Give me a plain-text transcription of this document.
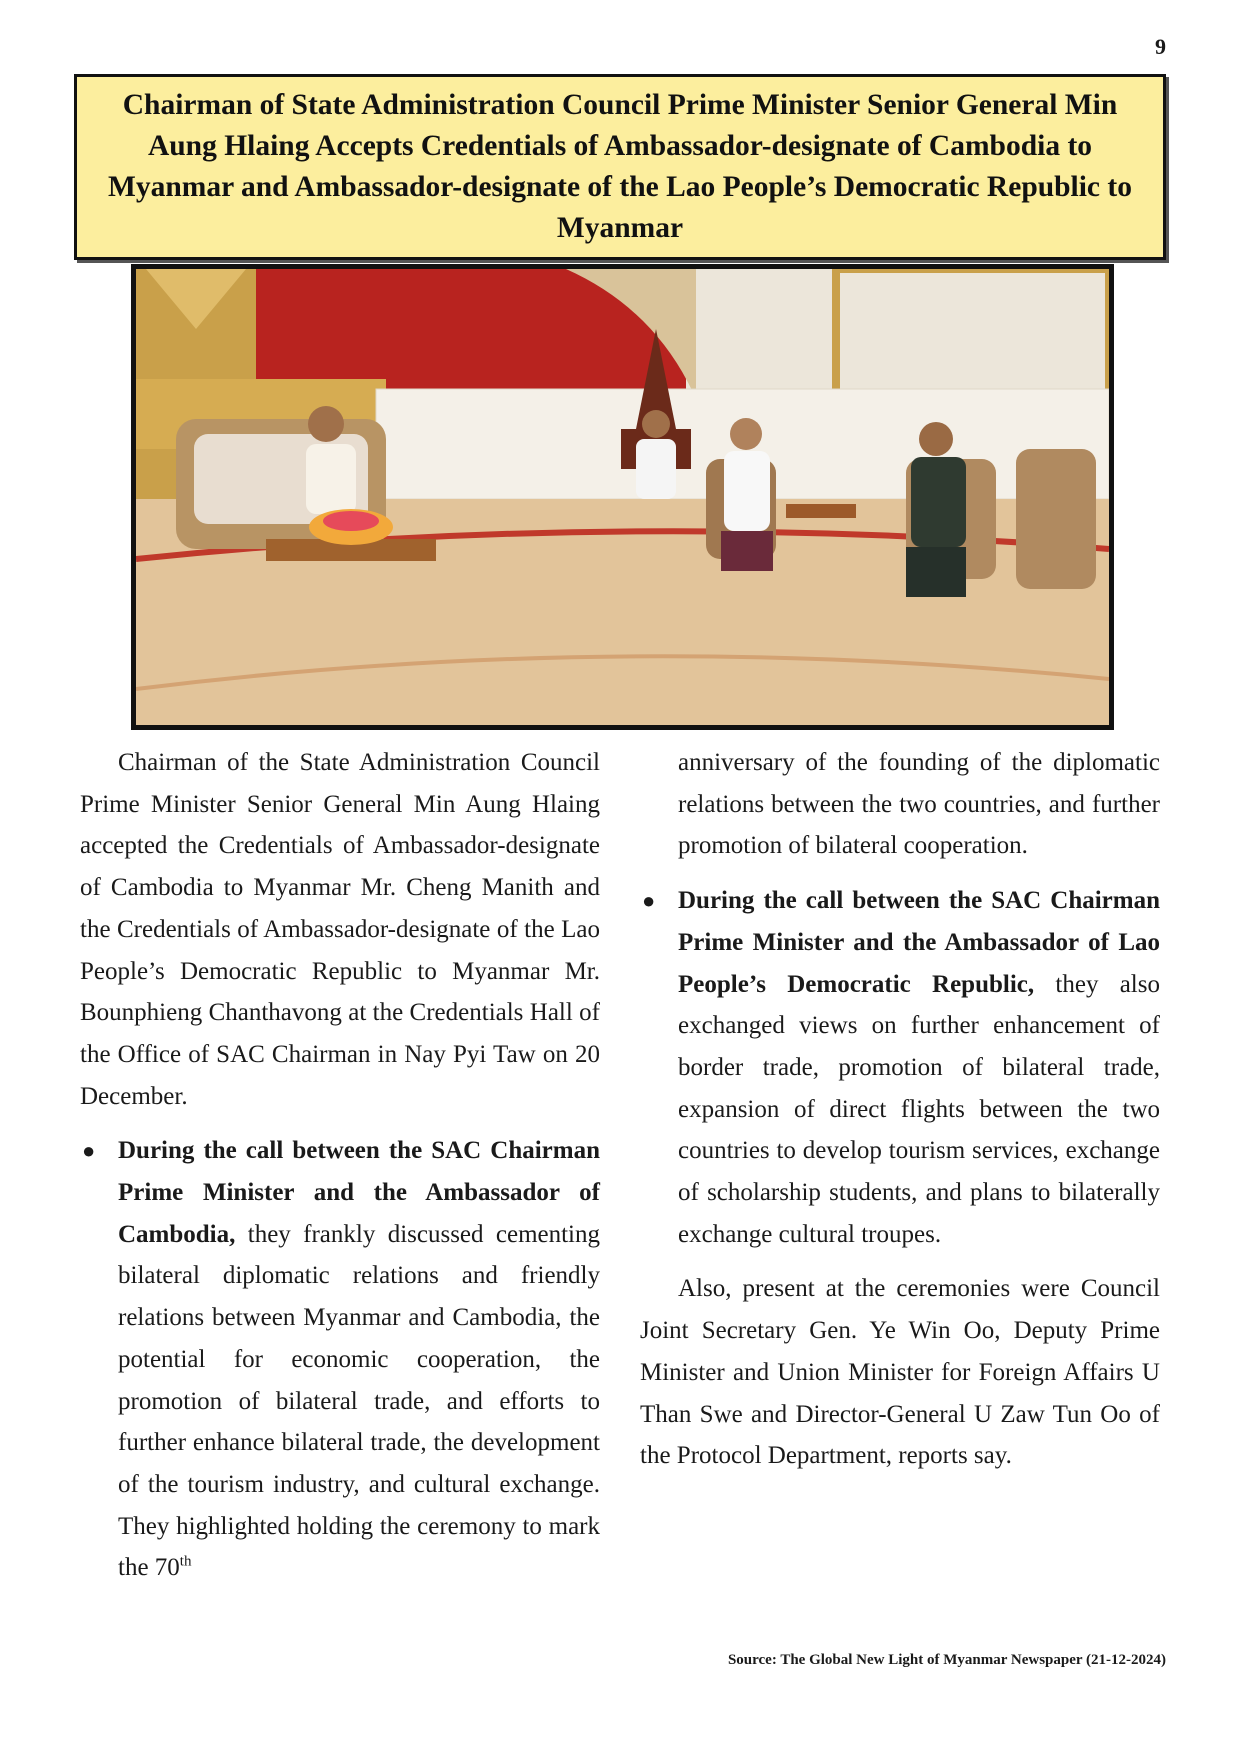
9
Chairman of State Administration Council Prime Minister Senior General Min Aung Hlaing Accepts Credentials of Ambassador-designate of Cambodia to Myanmar and Ambassador-designate of the Lao People’s Democratic Republic to Myanmar

Chairman of the State Administration Council Prime Minister Senior General Min Aung Hlaing accepted the Credentials of Ambassador-designate of Cambodia to Myanmar Mr. Cheng Manith and the Credentials of Ambassador-designate of the Lao People’s Democratic Republic to Myanmar Mr. Bounphieng Chanthavong at the Credentials Hall of the Office of SAC Chairman in Nay Pyi Taw on 20 December.

● During the call between the SAC Chairman Prime Minister and the Ambassador of Cambodia, they frankly discussed cementing bilateral diplomatic relations and friendly relations between Myanmar and Cambodia, the potential for economic cooperation, the promotion of bilateral trade, and efforts to further enhance bilateral trade, the development of the tourism industry, and cultural exchange. They highlighted holding the ceremony to mark the 70th

anniversary of the founding of the diplomatic relations between the two countries, and further promotion of bilateral cooperation.

● During the call between the SAC Chairman Prime Minister and the Ambassador of Lao People’s Democratic Republic, they also exchanged views on further enhancement of border trade, promotion of bilateral trade, expansion of direct flights between the two countries to develop tourism services, exchange of scholarship students, and plans to bilaterally exchange cultural troupes.

Also, present at the ceremonies were Council Joint Secretary Gen. Ye Win Oo, Deputy Prime Minister and Union Minister for Foreign Affairs U Than Swe and Director-General U Zaw Tun Oo of the Protocol Department, reports say.

Source: The Global New Light of Myanmar Newspaper (21-12-2024)
